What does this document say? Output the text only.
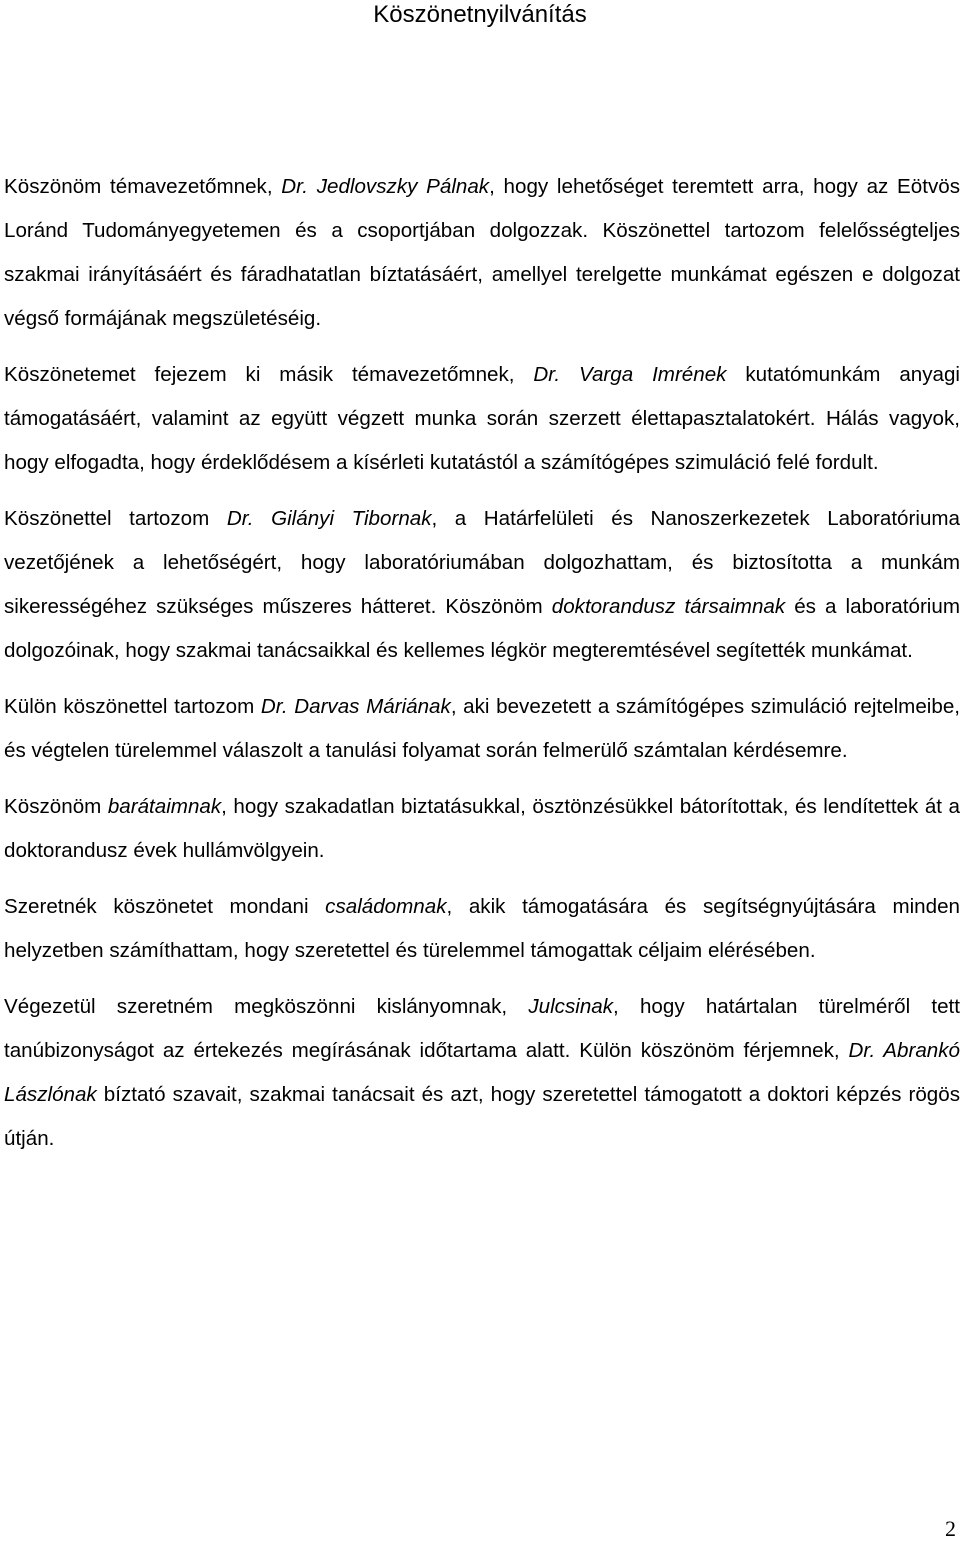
Köszönetnyilvánítás

Köszönöm témavezetőmnek, Dr. Jedlovszky Pálnak, hogy lehetőséget teremtett arra, hogy az Eötvös Loránd Tudományegyetemen és a csoportjában dolgozzak. Köszönettel tartozom felelősségteljes szakmai irányításáért és fáradhatatlan bíztatásáért, amellyel terelgette munkámat egészen e dolgozat végső formájának megszületéséig.

Köszönetemet fejezem ki másik témavezetőmnek, Dr. Varga Imrének kutatómunkám anyagi támogatásáért, valamint az együtt végzett munka során szerzett élettapasztalatokért. Hálás vagyok, hogy elfogadta, hogy érdeklődésem a kísérleti kutatástól a számítógépes szimuláció felé fordult.

Köszönettel tartozom Dr. Gilányi Tibornak, a Határfelületi és Nanoszerkezetek Laboratóriuma vezetőjének a lehetőségért, hogy laboratóriumában dolgozhattam, és biztosította a munkám sikerességéhez szükséges műszeres hátteret. Köszönöm doktorandusz társaimnak és a laboratórium dolgozóinak, hogy szakmai tanácsaikkal és kellemes légkör megteremtésével segítették munkámat.

Külön köszönettel tartozom Dr. Darvas Máriának, aki bevezetett a számítógépes szimuláció rejtelmeibe, és végtelen türelemmel válaszolt a tanulási folyamat során felmerülő számtalan kérdésemre.

Köszönöm barátaimnak, hogy szakadatlan biztatásukkal, ösztönzésükkel bátorítottak, és lendítettek át a doktorandusz évek hullámvölgyein.

Szeretnék köszönetet mondani családomnak, akik támogatására és segítségnyújtására minden helyzetben számíthattam, hogy szeretettel és türelemmel támogattak céljaim elérésében.

Végezetül szeretném megköszönni kislányomnak, Julcsinak, hogy határtalan türelméről tett tanúbizonyságot az értekezés megírásának időtartama alatt. Külön köszönöm férjemnek, Dr. Abrankó Lászlónak bíztató szavait, szakmai tanácsait és azt, hogy szeretettel támogatott a doktori képzés rögös útján.

2
